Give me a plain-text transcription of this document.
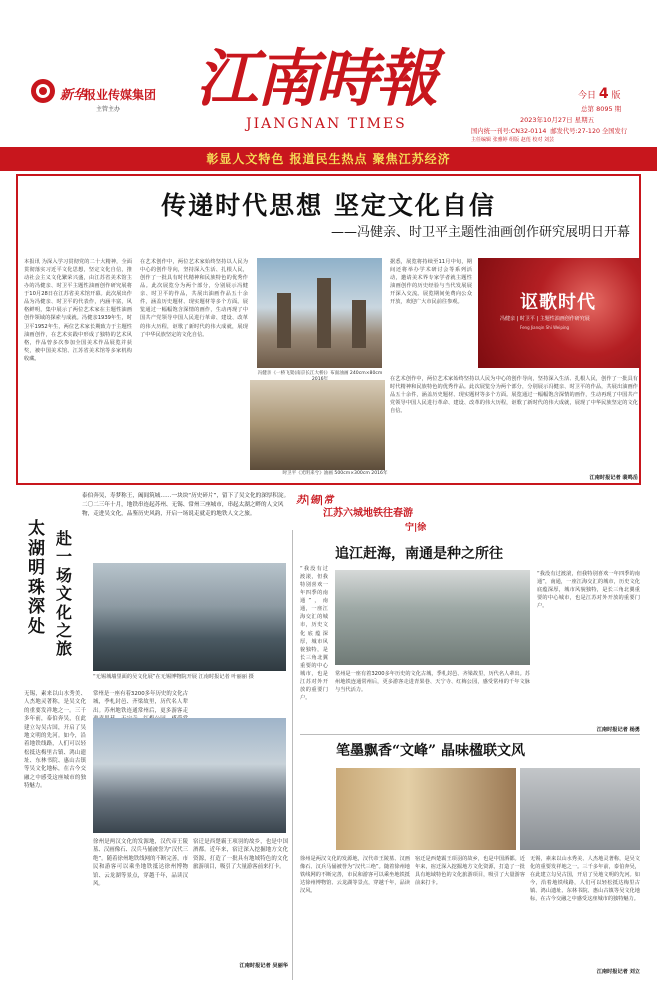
新华
报业传媒集团
主管主办 江南時報
JIANGNAN TIMES
今日 4 版
总第 8095 期
2023年10月27日 星期五
国内统一刊号:CN32-0114 邮发代号:27-120 全国发行
主任编辑 张雅婷 组版 赵莲 校对 刘芸
彰显人文特色 报道民生热点 聚焦江苏经济
传递时代思想 坚定文化自信
——冯健亲、时卫平主题性油画创作研究展明日开幕
本报讯 为深入学习贯彻党的二十大精神，全面贯彻落实习近平文化思想，坚定文化自信，推动社会主义文化繁荣兴盛，由江苏省美术馆主办的冯健亲、时卫平主题性油画创作研究展将于10月28日在江苏省美术馆开幕。此次展出作品为冯健亲、时卫平的代表作，内涵丰富，风格鲜明，集中展示了两位艺术家在主题性油画创作领域的探索与成就。冯健亲1939年生，时卫平1952年生，两位艺术家长期致力于主题性油画创作，在艺术实践中形成了独特的艺术风格，作品曾多次参加全国美术作品展览并获奖，被中国美术馆、江苏省美术馆等多家机构收藏。
在艺术创作中，两位艺术家始终坚持以人民为中心的创作导向，坚持深入生活、扎根人民，创作了一批具有时代精神和民族特色的优秀作品。此次展览分为两个部分，分别展示冯健亲、时卫平的作品，共展出油画作品五十余件，涵盖历史题材、现实题材等多个方面。展览通过一幅幅饱含深情的画作，生动再现了中国共产党领导中国人民进行革命、建设、改革的伟大历程，讴歌了新时代的伟大成就，展现了中华民族坚定的文化自信。
冯健亲《一桥飞架(南京长江大桥)》布面油画 240cm×80cm
据悉，展览将持续至11月中旬，期间还将举办学术研讨会等系列活动，邀请美术界专家学者就主题性油画创作的历史经验与当代发展展开深入交流。展览期间免费向公众开放，欢迎广大市民前往参观。	讴歌时代
冯健亲 | 时卫平 | 主题性油画创作研究展
Feng Jianqin Shi Weiping
时卫平《光明来兮》油画 500cm×300cm 2016年
在艺术创作中，两位艺术家始终坚持以人民为中心的创作导向，坚持深入生活、扎根人民，创作了一批具有时代精神和民族特色的优秀作品。此次展览分为两个部分，分别展示冯健亲、时卫平的作品，共展出油画作品五十余件，涵盖历史题材、现实题材等多个方面。展览通过一幅幅饱含深情的画作，生动再现了中国共产党领导中国人民进行革命、建设、改革的伟大历程，讴歌了新时代的伟大成就，展现了中华民族坚定的文化自信。
江南时报记者 裴鸣岳
苏|锡|常
江苏六城地铁往春游
宁|徐
泰伯奔吴，寿梦称王，阖闾筑城……一块块“历史碎片”，留下了吴文化的深厚积淀。二〇二三年十月，地铁串连起苏州、无锡、常州三座城市，串起太湖之畔的人文风物，走进吴文化，品鉴历史风韵，开启一场说走就走的地铁人文之旅。
太湖明珠深处
赴一场文化之旅
“无锡城墙里面的吴文化展”在无锡博物院开展 江南时报记者 叶丽丽 摄
无锡，素来以山水秀美、人杰地灵著称，是吴文化的重要发祥地之一。三千多年前，泰伯奔吴，在此建立勾吴古国，开启了吴地文明的先河。如今，沿着地铁线路，人们可以轻松抵达梅里古镇、鸿山遗址、东林书院、惠山古镇等吴文化地标，在古今交融之中感受这座城市的独特魅力。
常州是一座有着3200多年历史的文化古城，季札封邑、齐梁故里，历代名人辈出。苏州地铁连通常州后，更多游客走
徐州是两汉文化的发源地，汉代帝王陵墓、汉画像石、汉兵马俑被誉为“汉代三绝”。随着徐州地铁线网的不断完善，市民和游客可以乘坐地铁抵达徐州博物馆、云龙湖等景点，穿越千年，品读汉风。
宿迁是西楚霸王项羽的故乡，也是中国酒都。近年来，宿迁深入挖掘地方文化资源，打造了一批具有地域特色的文化旅游项目，吸引了大量游客前来打卡。
江南时报记者 吴丽华
追江赶海，南通是种之所往
“我没有过渡滚，但我特别喜欢一年四季的南通”，南通，一座江海交汇的城市，历史文化底蕴深厚，城市风貌独特，是长三角北翼重要的中心城市，也是江苏对外开放的重要门户。
“我没有过渡滚，但我特别喜欢一年四季的南通”，南通，一座江海交汇的城市，历史文化底蕴深厚，城市风貌独特，是长三角北翼重要的中心城市，也是江苏对外开放的重要门户。
常州是一座有着3200多年历史的文化古城，季札封邑、齐梁故里，历代名人辈出。苏州地铁连通常州后，更多游客走进青果巷、天宁寺、红梅公园，感受常州的千年文脉与当代活力。
江南时报记者 杨勇
笔墨飘香“文峰” 晶味楹联文风
徐州是两汉文化的发源地，汉代帝王陵墓、汉画像石、汉兵马俑被誉为“汉代三绝”。随着徐州地铁线网的不断完善，市民和游客可以乘坐地铁抵达徐州博物馆、云龙湖等景点，穿越千年，品读汉风。
宿迁是西楚霸王项羽的故乡，也是中国酒都。近年来，宿迁深入挖掘地方文化资源，打造了一批具有地域特色的文化旅游项目，吸引了大量游客前来打卡。
无锡，素来以山水秀美、人杰地灵著称，是吴文化的重要发祥地之一。三千多年前，泰伯奔吴，在此建立勾吴古国，开启了吴地文明的先河。如今，沿着地铁线路，人们可以轻松抵达梅里古镇、鸿山遗址、东林书院、惠山古镇等吴文化地标，在古今交融之中感受这座城市的独特魅力。
江南时报记者 刘立
